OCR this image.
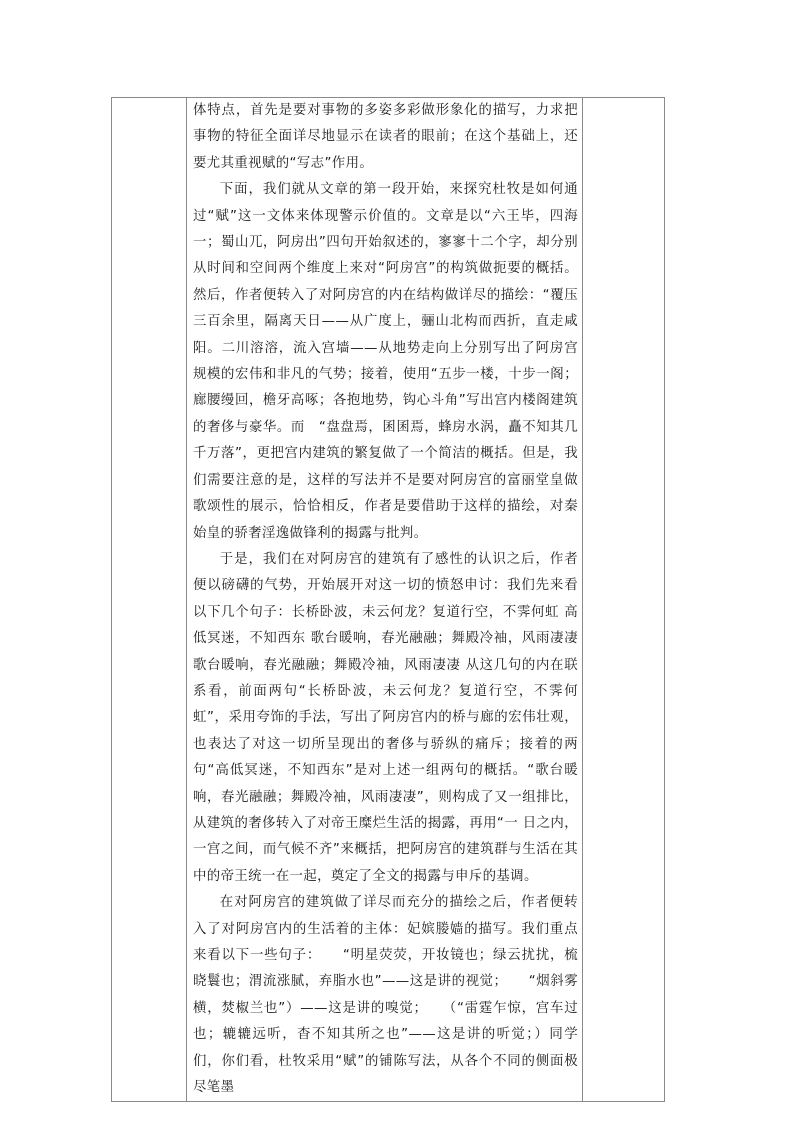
体特点，首先是要对事物的多姿多彩做形象化的描写，力求把事物的特征全面详尽地显示在读者的眼前；在这个基础上，还要尤其重视赋的“写志”作用。

下面，我们就从文章的第一段开始，来探究杜牧是如何通过“赋”这一文体来体现警示价值的。文章是以“六王毕，四海一；蜀山兀，阿房出”四句开始叙述的，寥寥十二个字，却分别从时间和空间两个维度上来对“阿房宫”的构筑做扼要的概括。然后，作者便转入了对阿房宫的内在结构做详尽的描绘：“覆压三百余里，隔离天日——从广度上，骊山北构而西折，直走咸阳。二川溶溶，流入宫墙——从地势走向上分别写出了阿房宫规模的宏伟和非凡的气势；接着，使用“五步一楼，十步一阁；廊腰缦回，檐牙高啄；各抱地势，钩心斗角”写出宫内楼阁建筑的奢侈与豪华。而　“盘盘焉，囷囷焉，蜂房水涡，矗不知其几千万落”，更把宫内建筑的繁复做了一个简洁的概括。但是，我们需要注意的是，这样的写法并不是要对阿房宫的富丽堂皇做歌颂性的展示，恰恰相反，作者是要借助于这样的描绘，对秦始皇的骄奢淫逸做锋利的揭露与批判。

于是，我们在对阿房宫的建筑有了感性的认识之后，作者便以磅礴的气势，开始展开对这一切的愤怒申讨：我们先来看以下几个句子：长桥卧波，未云何龙？复道行空，不霁何虹 高低冥迷，不知西东 歌台暖响，春光融融；舞殿冷袖，风雨凄凄歌台暖响，春光融融；舞殿冷袖，风雨凄凄 从这几句的内在联系看，前面两句“长桥卧波，未云何龙？复道行空，不霁何虹”，采用夸饰的手法，写出了阿房宫内的桥与廊的宏伟壮观，也表达了对这一切所呈现出的奢侈与骄纵的痛斥；接着的两句“高低冥迷，不知西东”是对上述一组两句的概括。“歌台暖响，春光融融；舞殿冷袖，风雨凄凄”，则构成了又一组排比，从建筑的奢侈转入了对帝王糜烂生活的揭露，再用“一 日之内，一宫之间，而气候不齐”来概括，把阿房宫的建筑群与生活在其中的帝王统一在一起，奠定了全文的揭露与申斥的基调。

在对阿房宫的建筑做了详尽而充分的描绘之后，作者便转入了对阿房宫内的生活着的主体：妃嫔媵嫱的描写。我们重点来看以下一些句子：　　“明星荧荧，开妆镜也；绿云扰扰，梳晓鬟也；渭流涨腻，弃脂水也”——这是讲的视觉；　　“烟斜雾横，焚椒兰也”）——这是讲的嗅觉；　　（“雷霆乍惊，宫车过也；辘辘远听，杳不知其所之也”——这是讲的听觉；）同学们，你们看，杜牧采用“赋”的铺陈写法，从各个不同的侧面极尽笔墨
